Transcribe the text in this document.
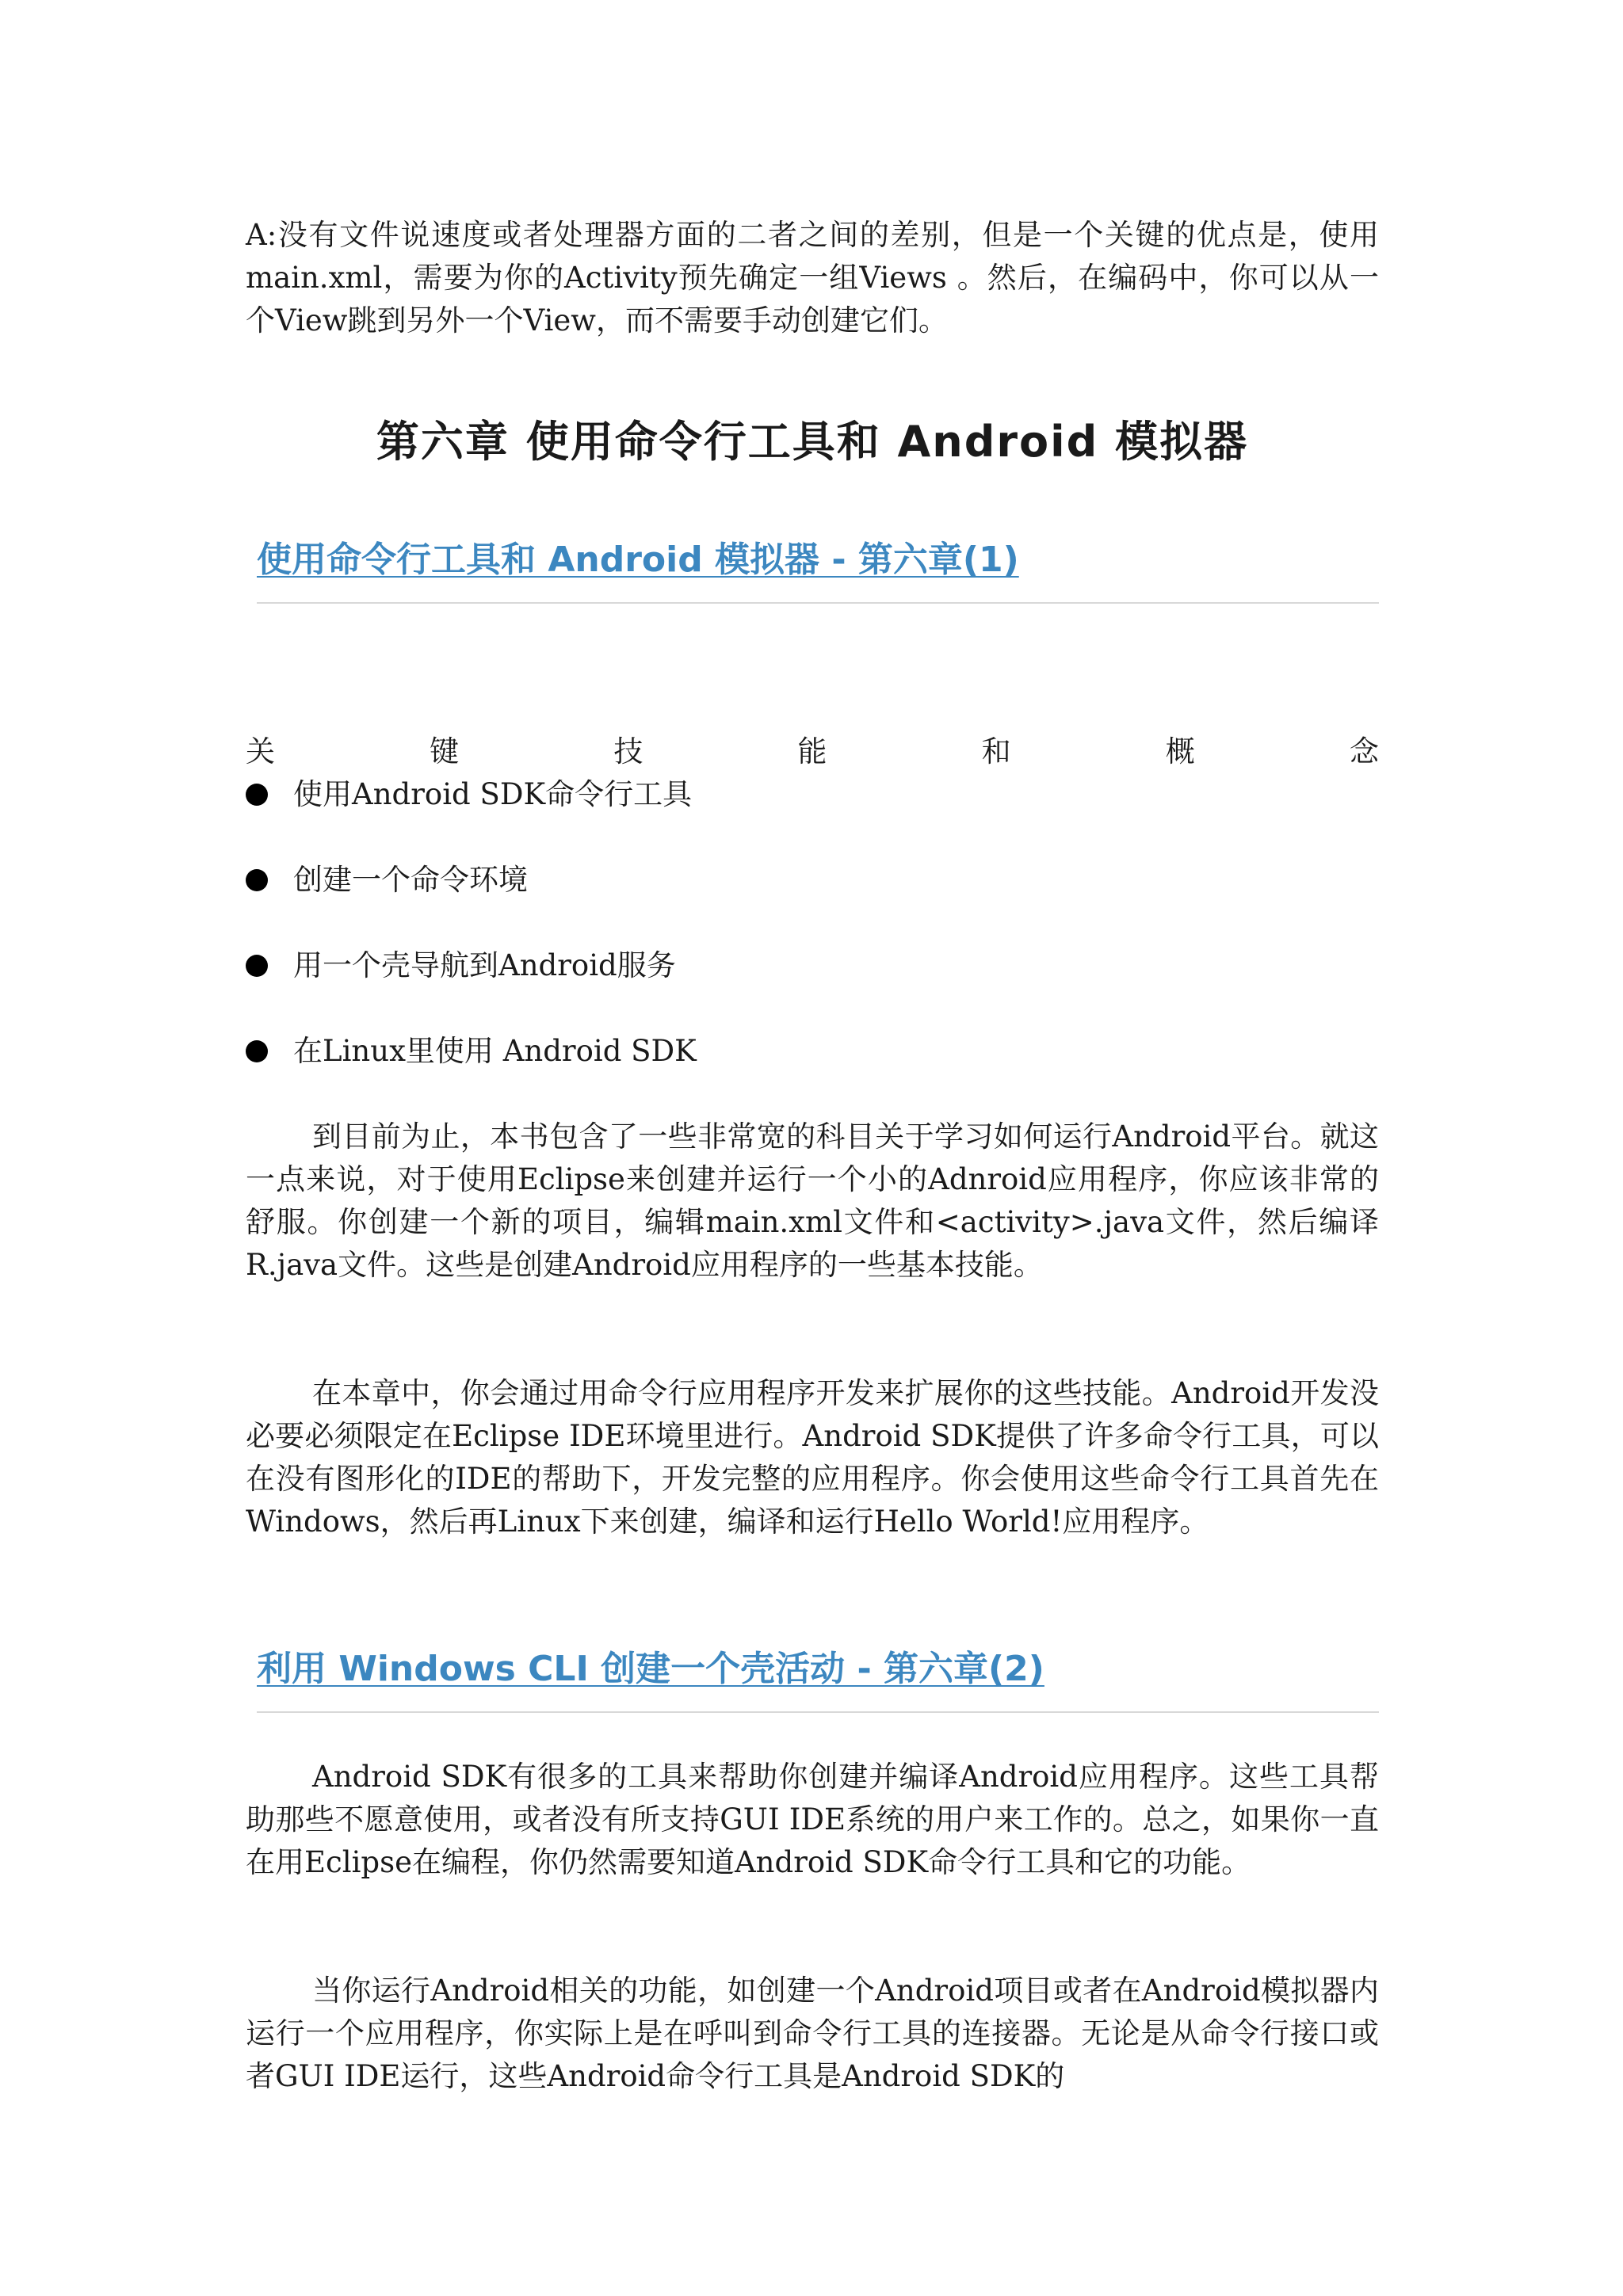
A:没有文件说速度或者处理器方面的二者之间的差别，但是一个关键的优点是，使用main.xml，需要为你的Activity预先确定一组Views 。然后，在编码中，你可以从一个View跳到另外一个View，而不需要手动创建它们。

第六章 使用命令行工具和 Android 模拟器
使用命令行工具和 Android 模拟器 - 第六章(1)
关	键	技	能	和	概	念
使用Android SDK命令行工具
创建一个命令环境
用一个壳导航到Android服务
在Linux里使用 Android SDK

到目前为止，本书包含了一些非常宽的科目关于学习如何运行Android平台。就这一点来说，对于使用Eclipse来创建并运行一个小的Adnroid应用程序，你应该非常的舒服。你创建一个新的项目，编辑main.xml文件和<activity>.java文件，然后编译R.java文件。这些是创建Android应用程序的一些基本技能。

在本章中，你会通过用命令行应用程序开发来扩展你的这些技能。Android开发没必要必须限定在Eclipse IDE环境里进行。Android SDK提供了许多命令行工具，可以在没有图形化的IDE的帮助下，开发完整的应用程序。你会使用这些命令行工具首先在Windows，然后再Linux下来创建，编译和运行Hello World!应用程序。

利用 Windows CLI 创建一个壳活动 - 第六章(2)

Android SDK有很多的工具来帮助你创建并编译Android应用程序。这些工具帮助那些不愿意使用，或者没有所支持GUI IDE系统的用户来工作的。总之，如果你一直在用Eclipse在编程，你仍然需要知道Android SDK命令行工具和它的功能。

当你运行Android相关的功能，如创建一个Android项目或者在Android模拟器内运行一个应用程序，你实际上是在呼叫到命令行工具的连接器。无论是从命令行接口或者GUI IDE运行，这些Android命令行工具是Android SDK的
